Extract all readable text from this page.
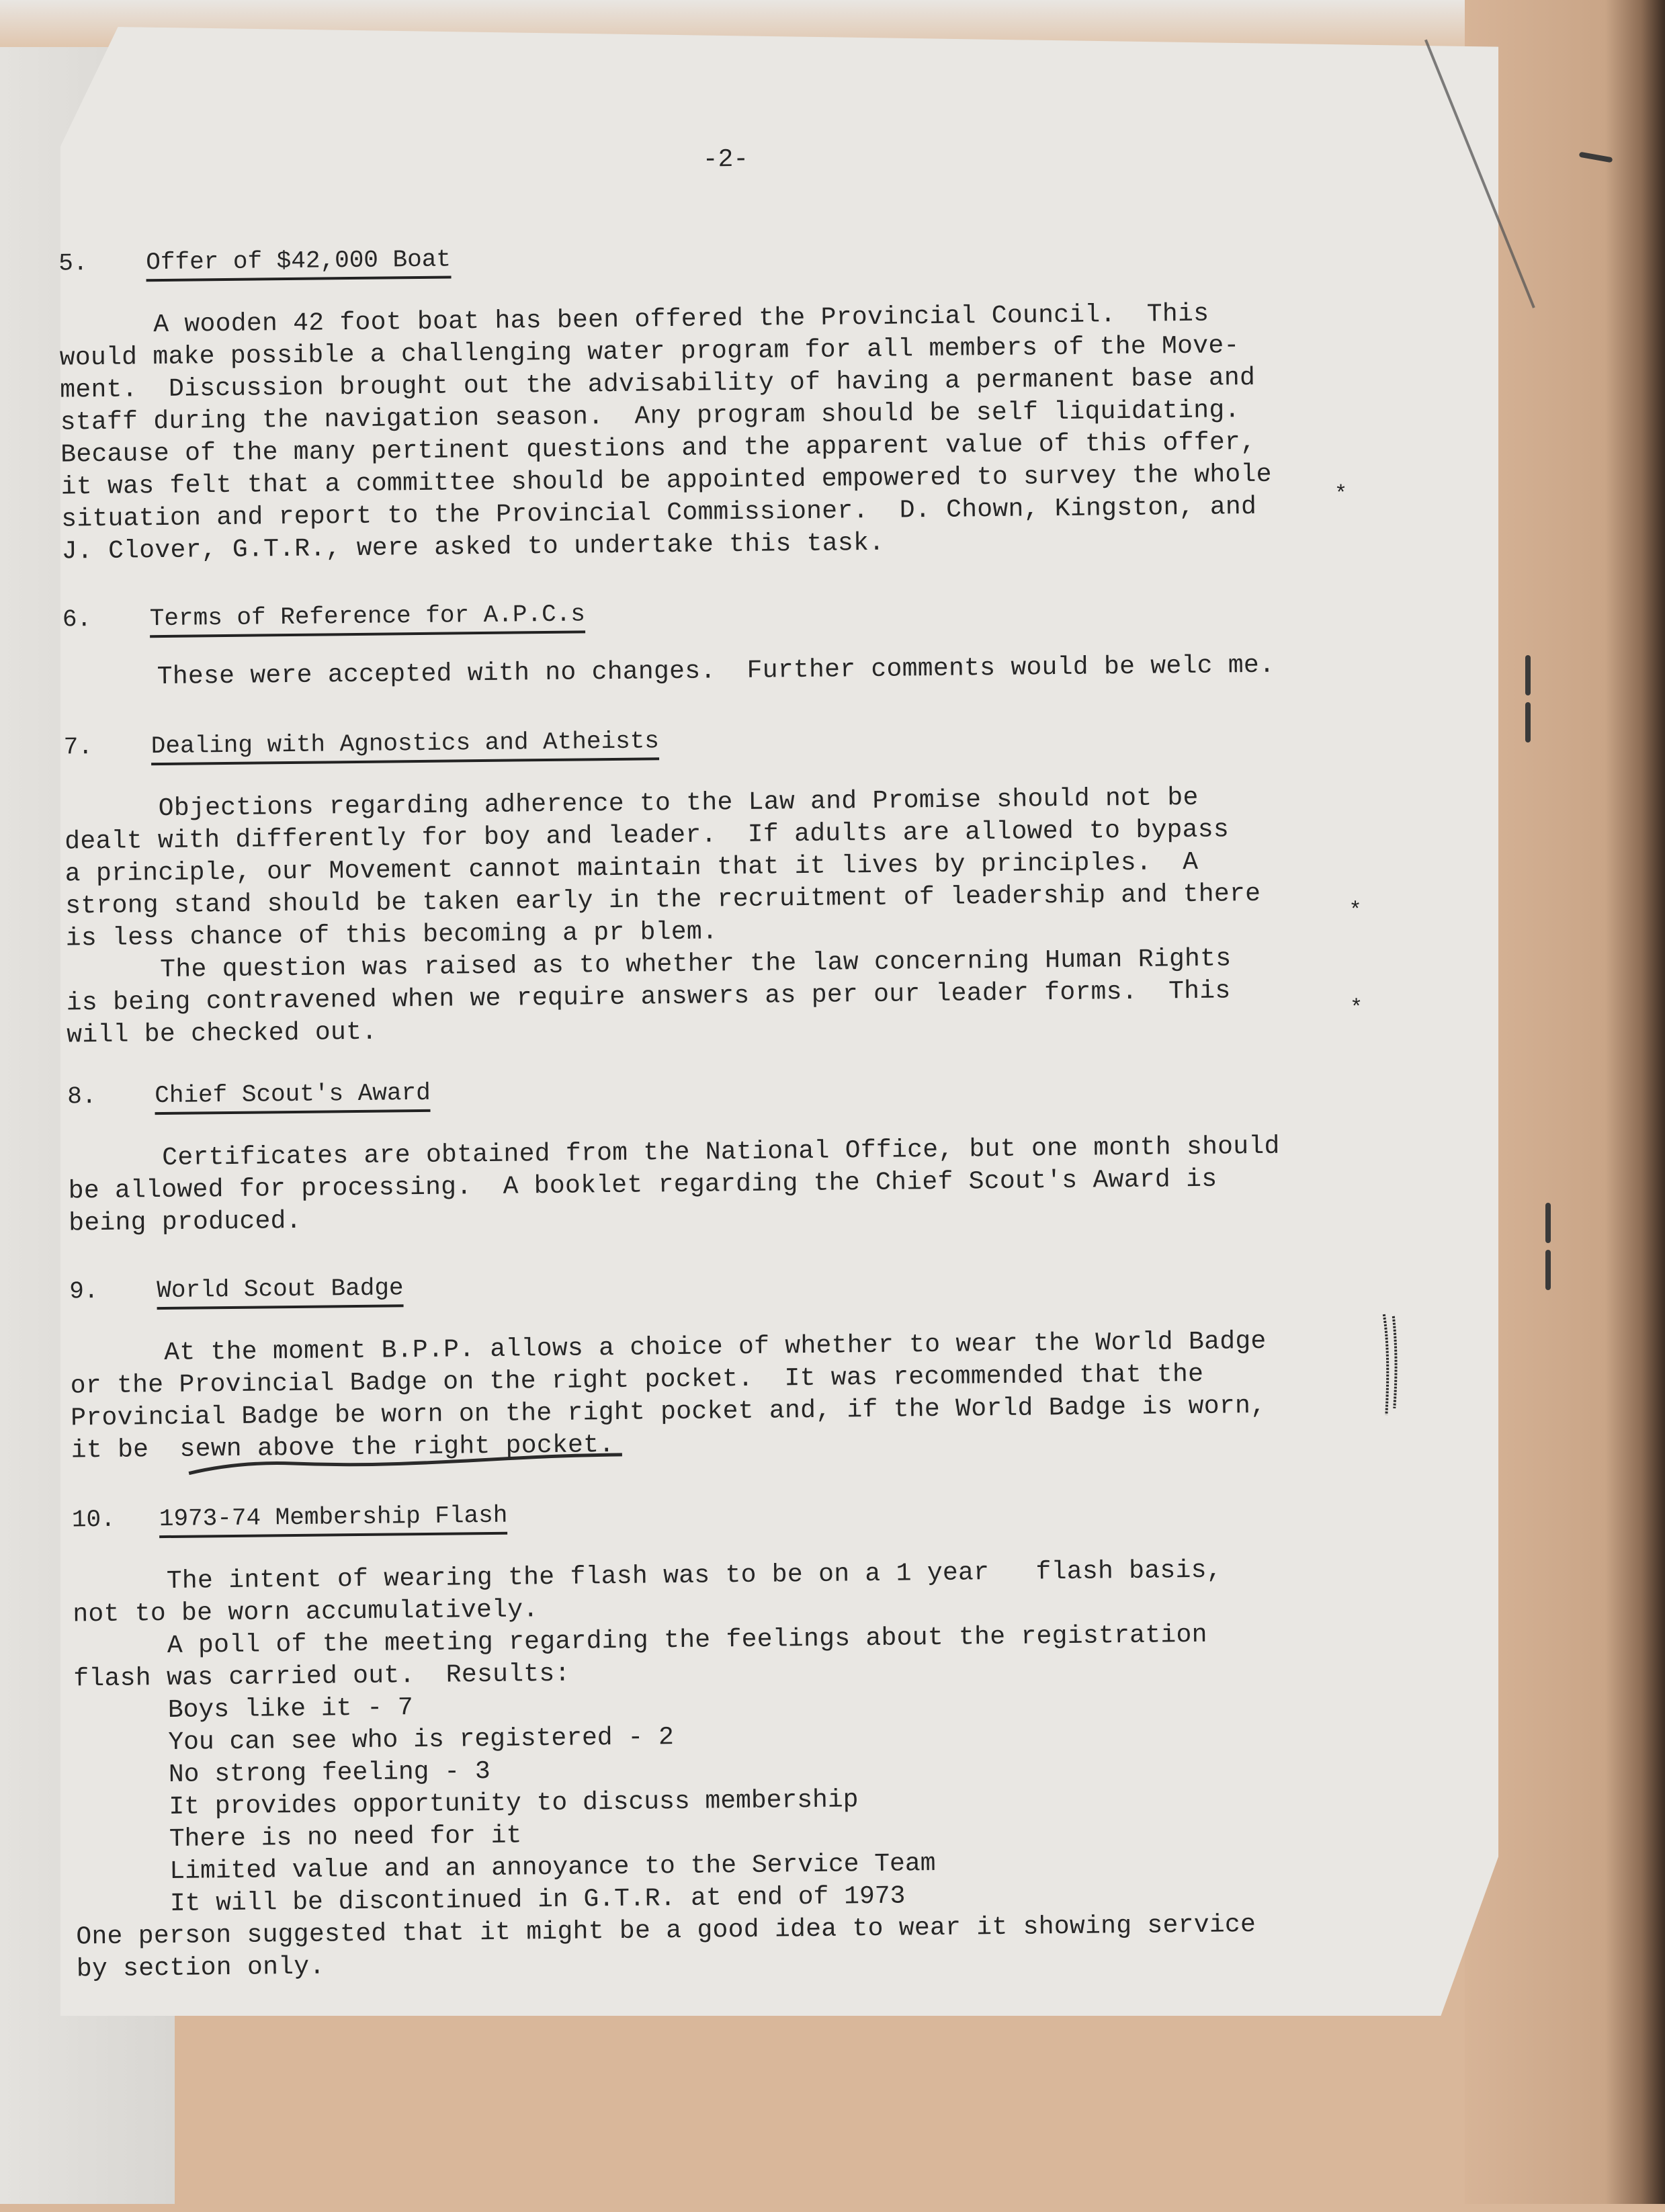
-2-
5.	Offer of $42,000 Boat
A wooden 42 foot boat has been offered the Provincial Council.  This
would make possible a challenging water program for all members of the Move-
ment.  Discussion brought out the advisability of having a permanent base and
staff during the navigation season.  Any program should be self liquidating.
Because of the many pertinent questions and the apparent value of this offer,
it was felt that a committee should be appointed empowered to survey the whole
situation and report to the Provincial Commissioner.  D. Chown, Kingston, and
J. Clover, G.T.R., were asked to undertake this task.
6.	Terms of Reference for A.P.C.s
These were accepted with no changes.  Further comments would be welc me.
7.	Dealing with Agnostics and Atheists
Objections regarding adherence to the Law and Promise should not be
dealt with differently for boy and leader.  If adults are allowed to bypass
a principle, our Movement cannot maintain that it lives by principles.  A
strong stand should be taken early in the recruitment of leadership and there
is less chance of this becoming a pr blem.
The question was raised as to whether the law concerning Human Rights
is being contravened when we require answers as per our leader forms.  This
will be checked out.
8.	Chief Scout's Award
Certificates are obtained from the National Office, but one month should
be allowed for processing.  A booklet regarding the Chief Scout's Award is
being produced.
9.	World Scout Badge
At the moment B.P.P. allows a choice of whether to wear the World Badge
or the Provincial Badge on the right pocket.  It was recommended that the
Provincial Badge be worn on the right pocket and, if the World Badge is worn,
it be  sewn above the right pocket.
10.	1973-74 Membership Flash
The intent of wearing the flash was to be on a 1 year   flash basis,
not to be worn accumulatively.
A poll of the meeting regarding the feelings about the registration
flash was carried out.  Results:
Boys like it - 7
You can see who is registered - 2
No strong feeling - 3
It provides opportunity to discuss membership
There is no need for it
Limited value and an annoyance to the Service Team
It will be discontinued in G.T.R. at end of 1973
One person suggested that it might be a good idea to wear it showing service
by section only.
*
*
*
